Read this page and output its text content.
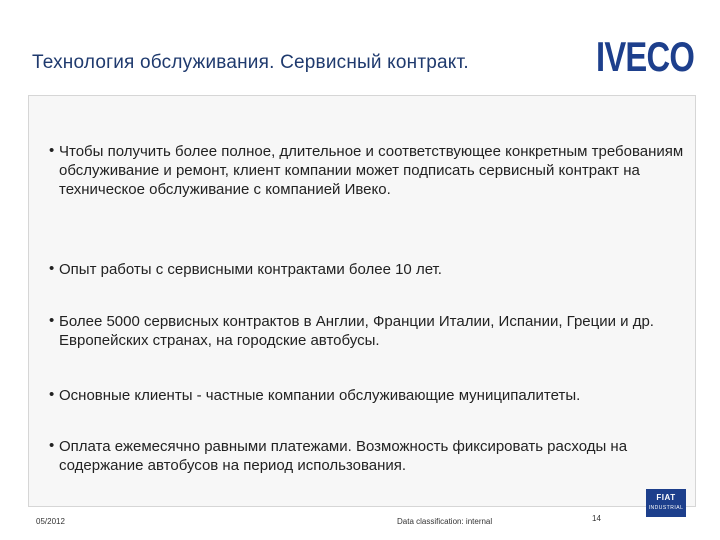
Технология обслуживания. Сервисный контракт.	IVECO
• Чтобы получить более полное, длительное и соответствующее конкретным требованиям обслуживание и ремонт, клиент компании может подписать сервисный контракт на техническое обслуживание с компанией Ивеко.
• Опыт работы с сервисными контрактами более 10 лет.
• Более 5000 сервисных контрактов в Англии, Франции Италии, Испании, Греции и др. Европейских странах, на городские автобусы.
• Основные клиенты - частные компании обслуживающие муниципалитеты.
• Оплата ежемесячно равными платежами. Возможность фиксировать расходы на содержание автобусов на период использования.
05/2012	Data classification: internal	14
FIAT
INDUSTRIAL
